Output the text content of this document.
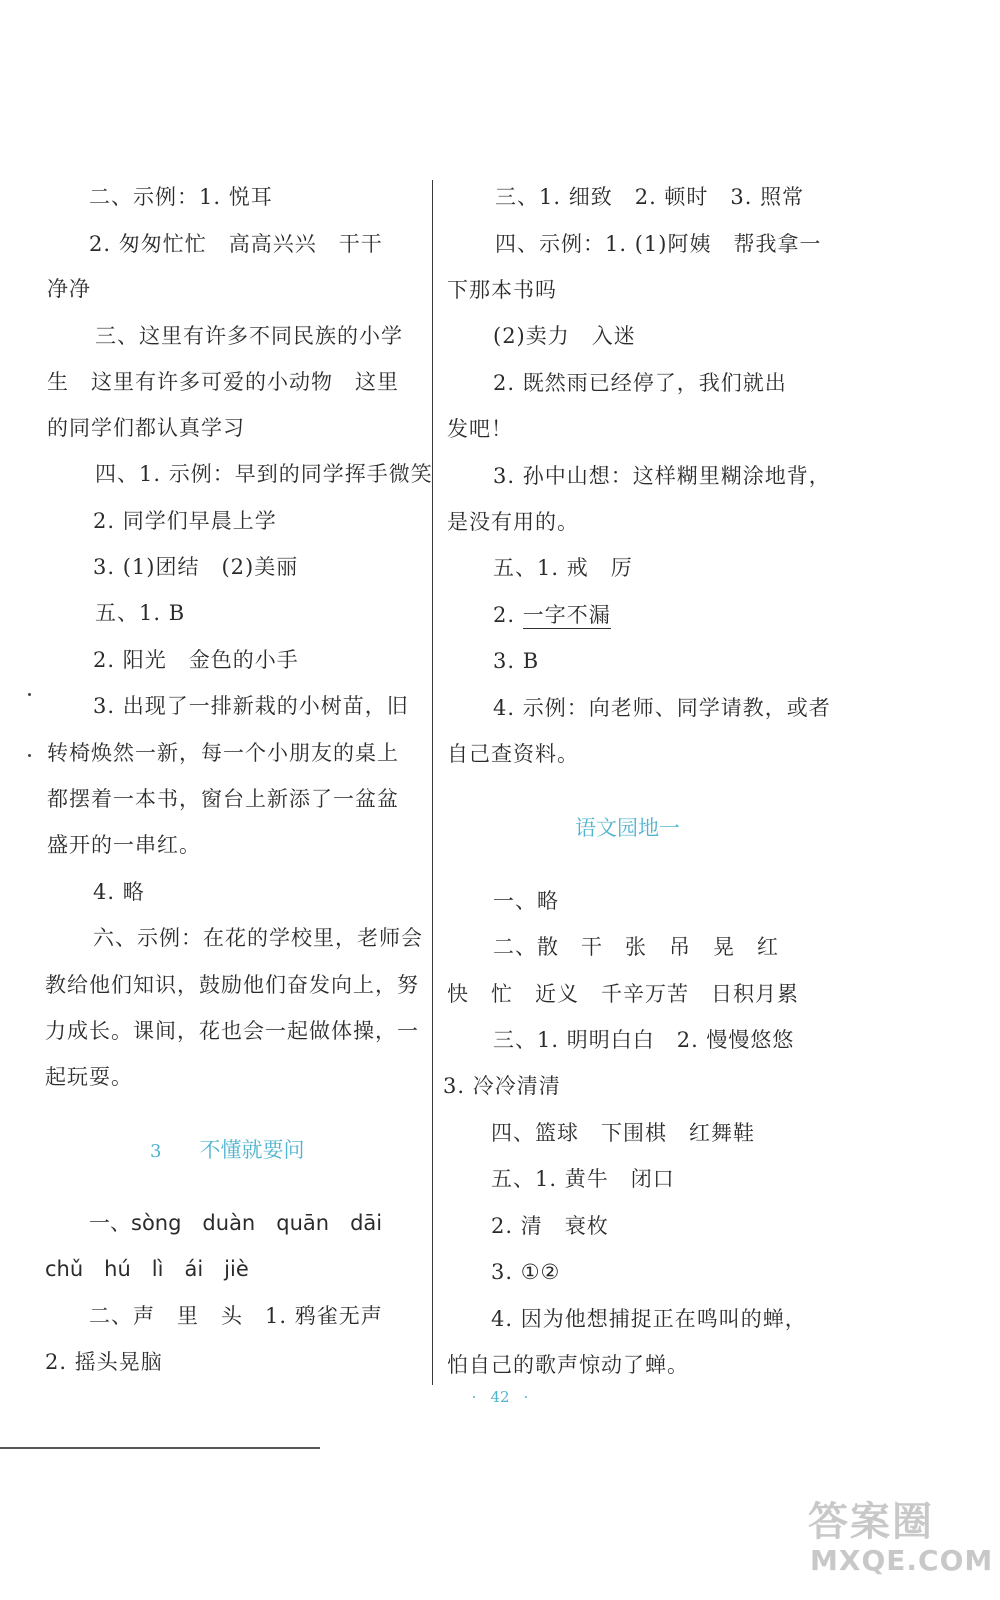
二、示例：1. 悦耳
2. 匆匆忙忙　高高兴兴　干干
净净
三、这里有许多不同民族的小学
生　这里有许多可爱的小动物　这里
的同学们都认真学习
四、1. 示例：早到的同学挥手微笑
2. 同学们早晨上学
3. (1)团结　(2)美丽
五、1. B
2. 阳光　金色的小手
3. 出现了一排新栽的小树苗，旧
转椅焕然一新，每一个小朋友的桌上
都摆着一本书，窗台上新添了一盆盆
盛开的一串红。
4. 略
六、示例：在花的学校里，老师会
教给他们知识，鼓励他们奋发向上，努
力成长。课间，花也会一起做体操，一
起玩耍。
3 不懂就要问
一、sòng　duàn　quān　dāi
chǔ　hú　lì　ái　jiè
二、声　里　头　1. 鸦雀无声
2. 摇头晃脑
三、1. 细致　2. 顿时　3. 照常
四、示例：1. (1)阿姨　帮我拿一
下那本书吗
(2)卖力　入迷
2. 既然雨已经停了，我们就出
发吧！
3. 孙中山想：这样糊里糊涂地背，
是没有用的。
五、1. 戒　厉
2. 一字不漏
3. B
4. 示例：向老师、同学请教，或者
自己查资料。
语文园地一
一、略
二、散　干　张　吊　晃　红
快　忙　近义　千辛万苦　日积月累
三、1. 明明白白　2. 慢慢悠悠
3. 冷冷清清
四、篮球　下围棋　红舞鞋
五、1. 黄牛　闭口
2. 清　衰枚
3. ①②
4. 因为他想捕捉正在鸣叫的蝉，
怕自己的歌声惊动了蝉。
· 42 ·
答案圈
MXQE.COM
